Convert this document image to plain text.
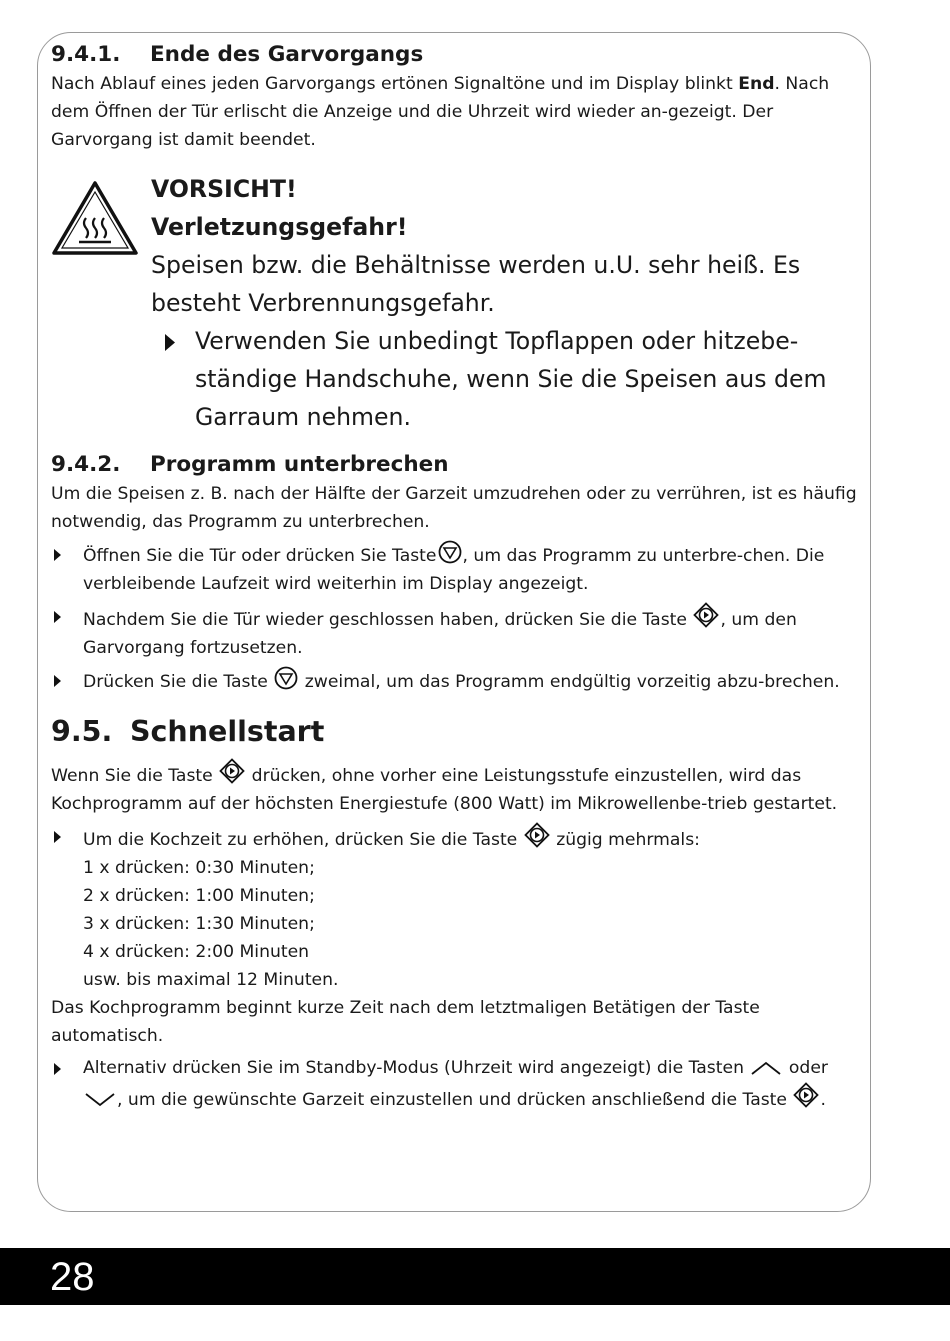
9.4.1. Ende des Garvorgangs

Nach Ablauf eines jeden Garvorgangs ertönen Signaltöne und im Display blinkt End. Nach dem Öffnen der Tür erlischt die Anzeige und die Uhrzeit wird wieder an-gezeigt. Der Garvorgang ist damit beendet.

VORSICHT!
Verletzungsgefahr!
Speisen bzw. die Behältnisse werden u.U. sehr heiß. Es besteht Verbrennungsgefahr.
Verwenden Sie unbedingt Topflappen oder hitzebe-ständige Handschuhe, wenn Sie die Speisen aus dem Garraum nehmen.
9.4.2. Programm unterbrechen

Um die Speisen z. B. nach der Hälfte der Garzeit umzudrehen oder zu verrühren, ist es häufig notwendig, das Programm zu unterbrechen.

Öffnen Sie die Tür oder drücken Sie Taste , um das Programm zu unterbre-chen. Die verbleibende Laufzeit wird weiterhin im Display angezeigt.
Nachdem Sie die Tür wieder geschlossen haben, drücken Sie die Taste , um den Garvorgang fortzusetzen.
Drücken Sie die Taste zweimal, um das Programm endgültig vorzeitig abzu-brechen.
9.5. Schnellstart

Wenn Sie die Taste drücken, ohne vorher eine Leistungsstufe einzustellen, wird das Kochprogramm auf der höchsten Energiestufe (800 Watt) im Mikrowellenbe-trieb gestartet.

Um die Kochzeit zu erhöhen, drücken Sie die Taste zügig mehrmals:
1 x drücken: 0:30 Minuten;
2 x drücken: 1:00 Minuten;
3 x drücken: 1:30 Minuten;
4 x drücken: 2:00 Minuten
usw. bis maximal 12 Minuten.

Das Kochprogramm beginnt kurze Zeit nach dem letztmaligen Betätigen der Taste automatisch.

Alternativ drücken Sie im Standby-Modus (Uhrzeit wird angezeigt) die Tasten	oder , um die gewünschte Garzeit einzustellen und drücken anschließend die Taste .
28
